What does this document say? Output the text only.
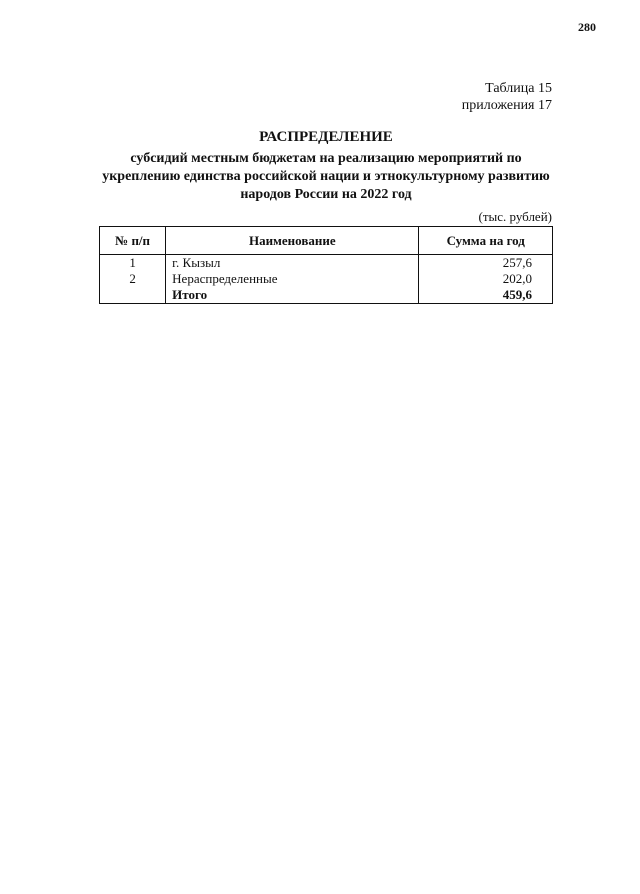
280
Таблица 15
приложения 17
РАСПРЕДЕЛЕНИЕ
субсидий местным бюджетам на реализацию мероприятий по укреплению единства российской нации и этнокультурному развитию народов России на 2022 год
(тыс. рублей)
№ п/п	Наименование	Сумма на год
1	г. Кызыл	257,6
2	Нераспределенные	202,0
	Итого	459,6
